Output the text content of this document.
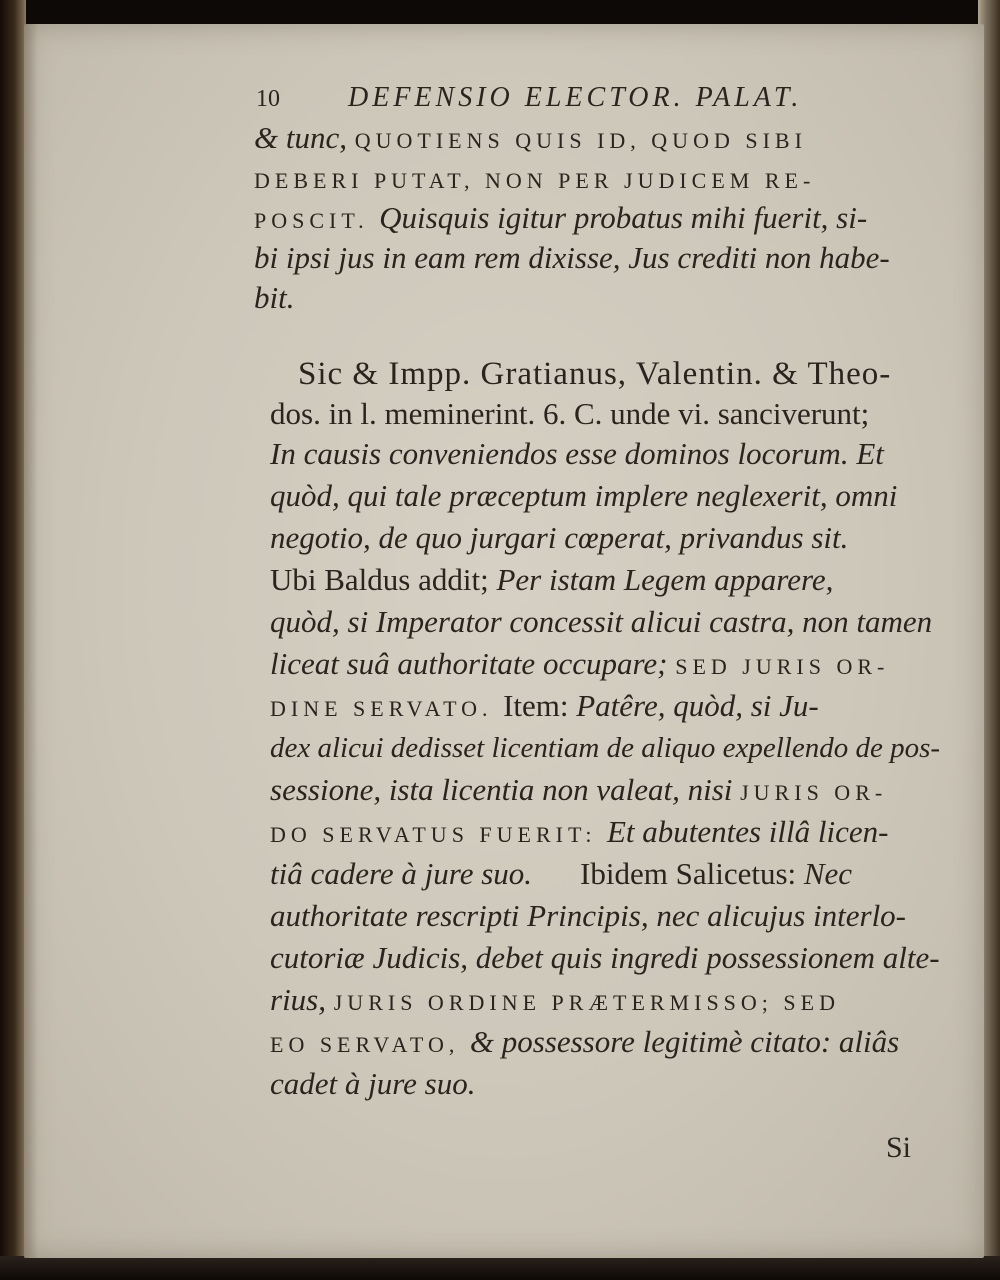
10 DEFENSIO ELECTOR. PALAT.

& tunc, QUOTIENS QUIS ID, QUOD SIBI

DEBERI PUTAT, NON PER JUDICEM RE-

POSCIT. Quisquis igitur probatus mihi fuerit, si-

bi ipsi jus in eam rem dixisse, Jus crediti non habe-

bit.

Sic & Impp. Gratianus, Valentin. & Theo-

dos. in l. meminerint. 6. C. unde vi. sanciverunt;

In causis conveniendos esse dominos locorum. Et

quòd, qui tale præceptum implere neglexerit, omni

negotio, de quo jurgari cœperat, privandus sit.

Ubi Baldus addit; Per istam Legem apparere,

quòd, si Imperator concessit alicui castra, non tamen

liceat suâ authoritate occupare; SED JURIS OR-

DINE SERVATO. Item: Patêre, quòd, si Ju-

dex alicui dedisset licentiam de aliquo expellendo de pos-

sessione, ista licentia non valeat, nisi JURIS OR-

DO SERVATUS FUERIT: Et abutentes illâ licen-

tiâ cadere à jure suo. Ibidem Salicetus: Nec

authoritate rescripti Principis, nec alicujus interlo-

cutoriæ Judicis, debet quis ingredi possessionem alte-

rius, JURIS ORDINE PRÆTERMISSO; SED

EO SERVATO, & possessore legitimè citato: aliâs

cadet à jure suo.

Si
